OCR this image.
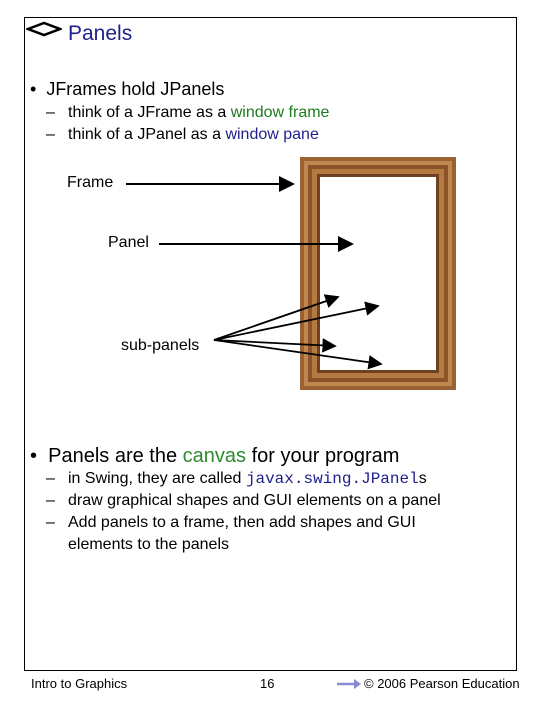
Panels
•  JFrames hold JPanels
– think of a JFrame as a window frame
– think of a JPanel as a window pane
Frame
Panel
sub-panels
•  Panels are the canvas for your program
– in Swing, they are called javax.swing.JPanels
– draw graphical shapes and GUI elements on a panel
– Add panels to a frame, then add shapes and GUI
elements to the panels
Intro to Graphics	16	© 2006 Pearson Education
